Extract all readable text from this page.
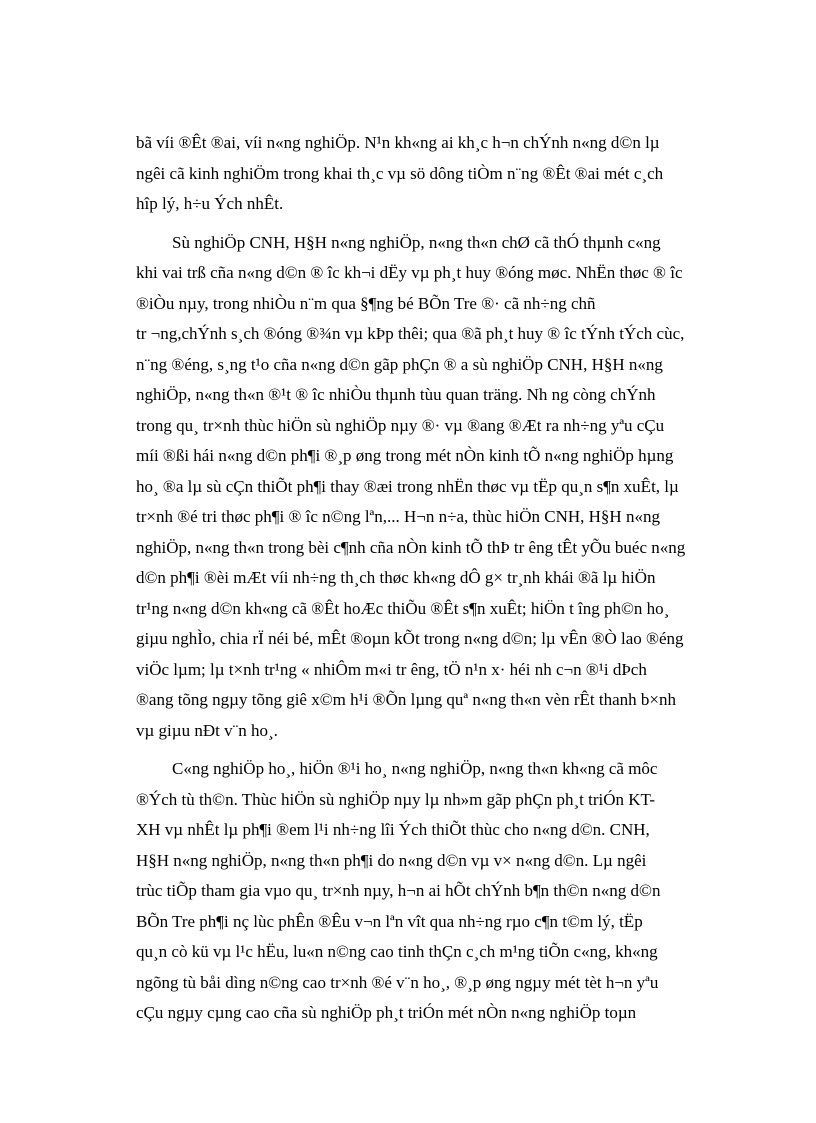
bã víi ®Êt ®ai, víi n«ng nghiÖp. N¹n kh«ng ai kh¸c h¬n chÝnh n«ng d©n lµ
ngêi cã kinh nghiÖm trong khai th¸c vµ sö dông tiÒm n¨ng ®Êt ®ai mét c¸ch
hîp lý, h÷u Ých nhÊt.
Sù nghiÖp CNH, H§H n«ng nghiÖp, n«ng th«n chØ cã thÓ thµnh c«ng
khi vai trß cña n«ng d©n ® îc kh¬i dËy vµ ph¸t huy ®óng møc. NhËn thøc ® îc
®iÒu nµy, trong nhiÒu n¨m qua §¶ng bé BÕn Tre ®· cã nh÷ng chñ
tr ¬ng,chÝnh s¸ch ®óng ®¾n vµ kÞp thêi; qua ®ã ph¸t huy ® îc tÝnh tÝch cùc,
n¨ng ®éng, s¸ng t¹o cña n«ng d©n gãp phÇn ® a sù nghiÖp CNH, H§H n«ng
nghiÖp, n«ng th«n ®¹t ® îc nhiÒu thµnh tùu quan träng. Nh ng còng chÝnh
trong qu¸ tr×nh thùc hiÖn sù nghiÖp nµy ®· vµ ®ang ®Æt ra nh÷ng yªu cÇu
míi ®ßi hái n«ng d©n ph¶i ®¸p øng trong mét nÒn kinh tÕ n«ng nghiÖp hµng
ho¸ ®a lµ sù cÇn thiÕt ph¶i thay ®æi trong nhËn thøc vµ tËp qu¸n s¶n xuÊt, lµ
tr×nh ®é tri thøc ph¶i ® îc n©ng lªn,... H¬n n÷a, thùc hiÖn CNH, H§H n«ng
nghiÖp, n«ng th«n trong bèi c¶nh cña nÒn kinh tÕ thÞ tr êng tÊt yÕu buéc n«ng
d©n ph¶i ®èi mÆt víi nh÷ng th¸ch thøc kh«ng dÔ g× tr¸nh khái ®ã lµ hiÖn
tr¹ng n«ng d©n kh«ng cã ®Êt hoÆc thiÕu ®Êt s¶n xuÊt; hiÖn t îng ph©n ho¸
giµu nghÌo, chia rÏ néi bé, mÊt ®oµn kÕt trong n«ng d©n; lµ vÊn ®Ò lao ®éng
viÖc lµm; lµ t×nh tr¹ng « nhiÔm m«i tr êng, tÖ n¹n x· héi nh c¬n ®¹i dÞch
®ang tõng ngµy tõng giê x©m h¹i ®Õn lµng quª n«ng th«n vèn rÊt thanh b×nh
vµ giµu nÐt v¨n ho¸.
C«ng nghiÖp ho¸, hiÖn ®¹i ho¸ n«ng nghiÖp, n«ng th«n kh«ng cã môc
®Ých tù th©n. Thùc hiÖn sù nghiÖp nµy lµ nh»m gãp phÇn ph¸t triÓn KT-
XH vµ nhÊt lµ ph¶i ®em l¹i nh÷ng lîi Ých thiÕt thùc cho n«ng d©n. CNH,
H§H n«ng nghiÖp, n«ng th«n ph¶i do n«ng d©n vµ v× n«ng d©n. Lµ ngêi
trùc tiÕp tham gia vµo qu¸ tr×nh nµy, h¬n ai hÕt chÝnh b¶n th©n n«ng d©n
BÕn Tre ph¶i nç lùc phÊn ®Êu v¬n lªn vît qua nh÷ng rµo c¶n t©m lý, tËp
qu¸n cò kü vµ l¹c hËu, lu«n n©ng cao tinh thÇn c¸ch m¹ng tiÕn c«ng, kh«ng
ngõng tù båi dìng n©ng cao tr×nh ®é v¨n ho¸, ®¸p øng ngµy mét tèt h¬n yªu
cÇu ngµy cµng cao cña sù nghiÖp ph¸t triÓn mét nÒn n«ng nghiÖp toµn
